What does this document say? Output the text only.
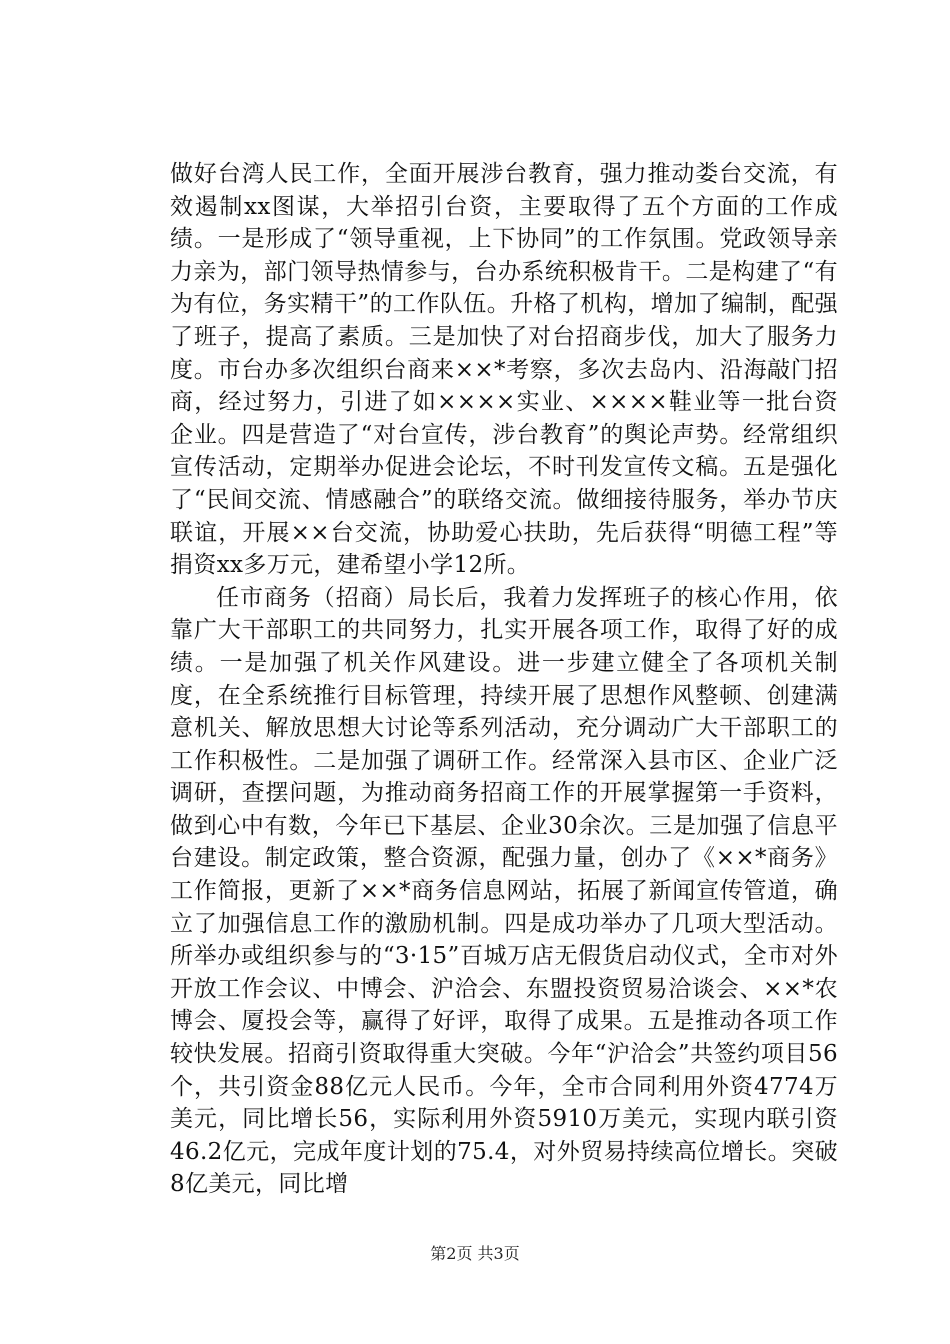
做好台湾人民工作，全面开展涉台教育，强力推动娄台交流，有效遏制xx图谋，大举招引台资，主要取得了五个方面的工作成绩。一是形成了“领导重视，上下协同”的工作氛围。党政领导亲力亲为，部门领导热情参与，台办系统积极肯干。二是构建了“有为有位，务实精干”的工作队伍。升格了机构，增加了编制，配强了班子，提高了素质。三是加快了对台招商步伐，加大了服务力度。市台办多次组织台商来××*考察，多次去岛内、沿海敲门招商，经过努力，引进了如××××实业、××××鞋业等一批台资企业。四是营造了“对台宣传，涉台教育”的舆论声势。经常组织宣传活动，定期举办促进会论坛，不时刊发宣传文稿。五是强化了“民间交流、情感融合”的联络交流。做细接待服务，举办节庆联谊，开展××台交流，协助爱心扶助，先后获得“明德工程”等捐资xx多万元，建希望小学12所。

任市商务（招商）局长后，我着力发挥班子的核心作用，依靠广大干部职工的共同努力，扎实开展各项工作，取得了好的成绩。一是加强了机关作风建设。进一步建立健全了各项机关制度，在全系统推行目标管理，持续开展了思想作风整顿、创建满意机关、解放思想大讨论等系列活动，充分调动广大干部职工的工作积极性。二是加强了调研工作。经常深入县市区、企业广泛调研，查摆问题，为推动商务招商工作的开展掌握第一手资料，做到心中有数，今年已下基层、企业30余次。三是加强了信息平台建设。制定政策，整合资源，配强力量，创办了《××*商务》工作简报，更新了××*商务信息网站，拓展了新闻宣传管道，确立了加强信息工作的激励机制。四是成功举办了几项大型活动。所举办或组织参与的“3·15”百城万店无假货启动仪式，全市对外开放工作会议、中博会、沪洽会、东盟投资贸易洽谈会、××*农博会、厦投会等，赢得了好评，取得了成果。五是推动各项工作较快发展。招商引资取得重大突破。今年“沪洽会”共签约项目56个，共引资金88亿元人民币。今年，全市合同利用外资4774万美元，同比增长56，实际利用外资5910万美元，实现内联引资46.2亿元，完成年度计划的75.4，对外贸易持续高位增长。突破8亿美元，同比增

第2页 共3页
